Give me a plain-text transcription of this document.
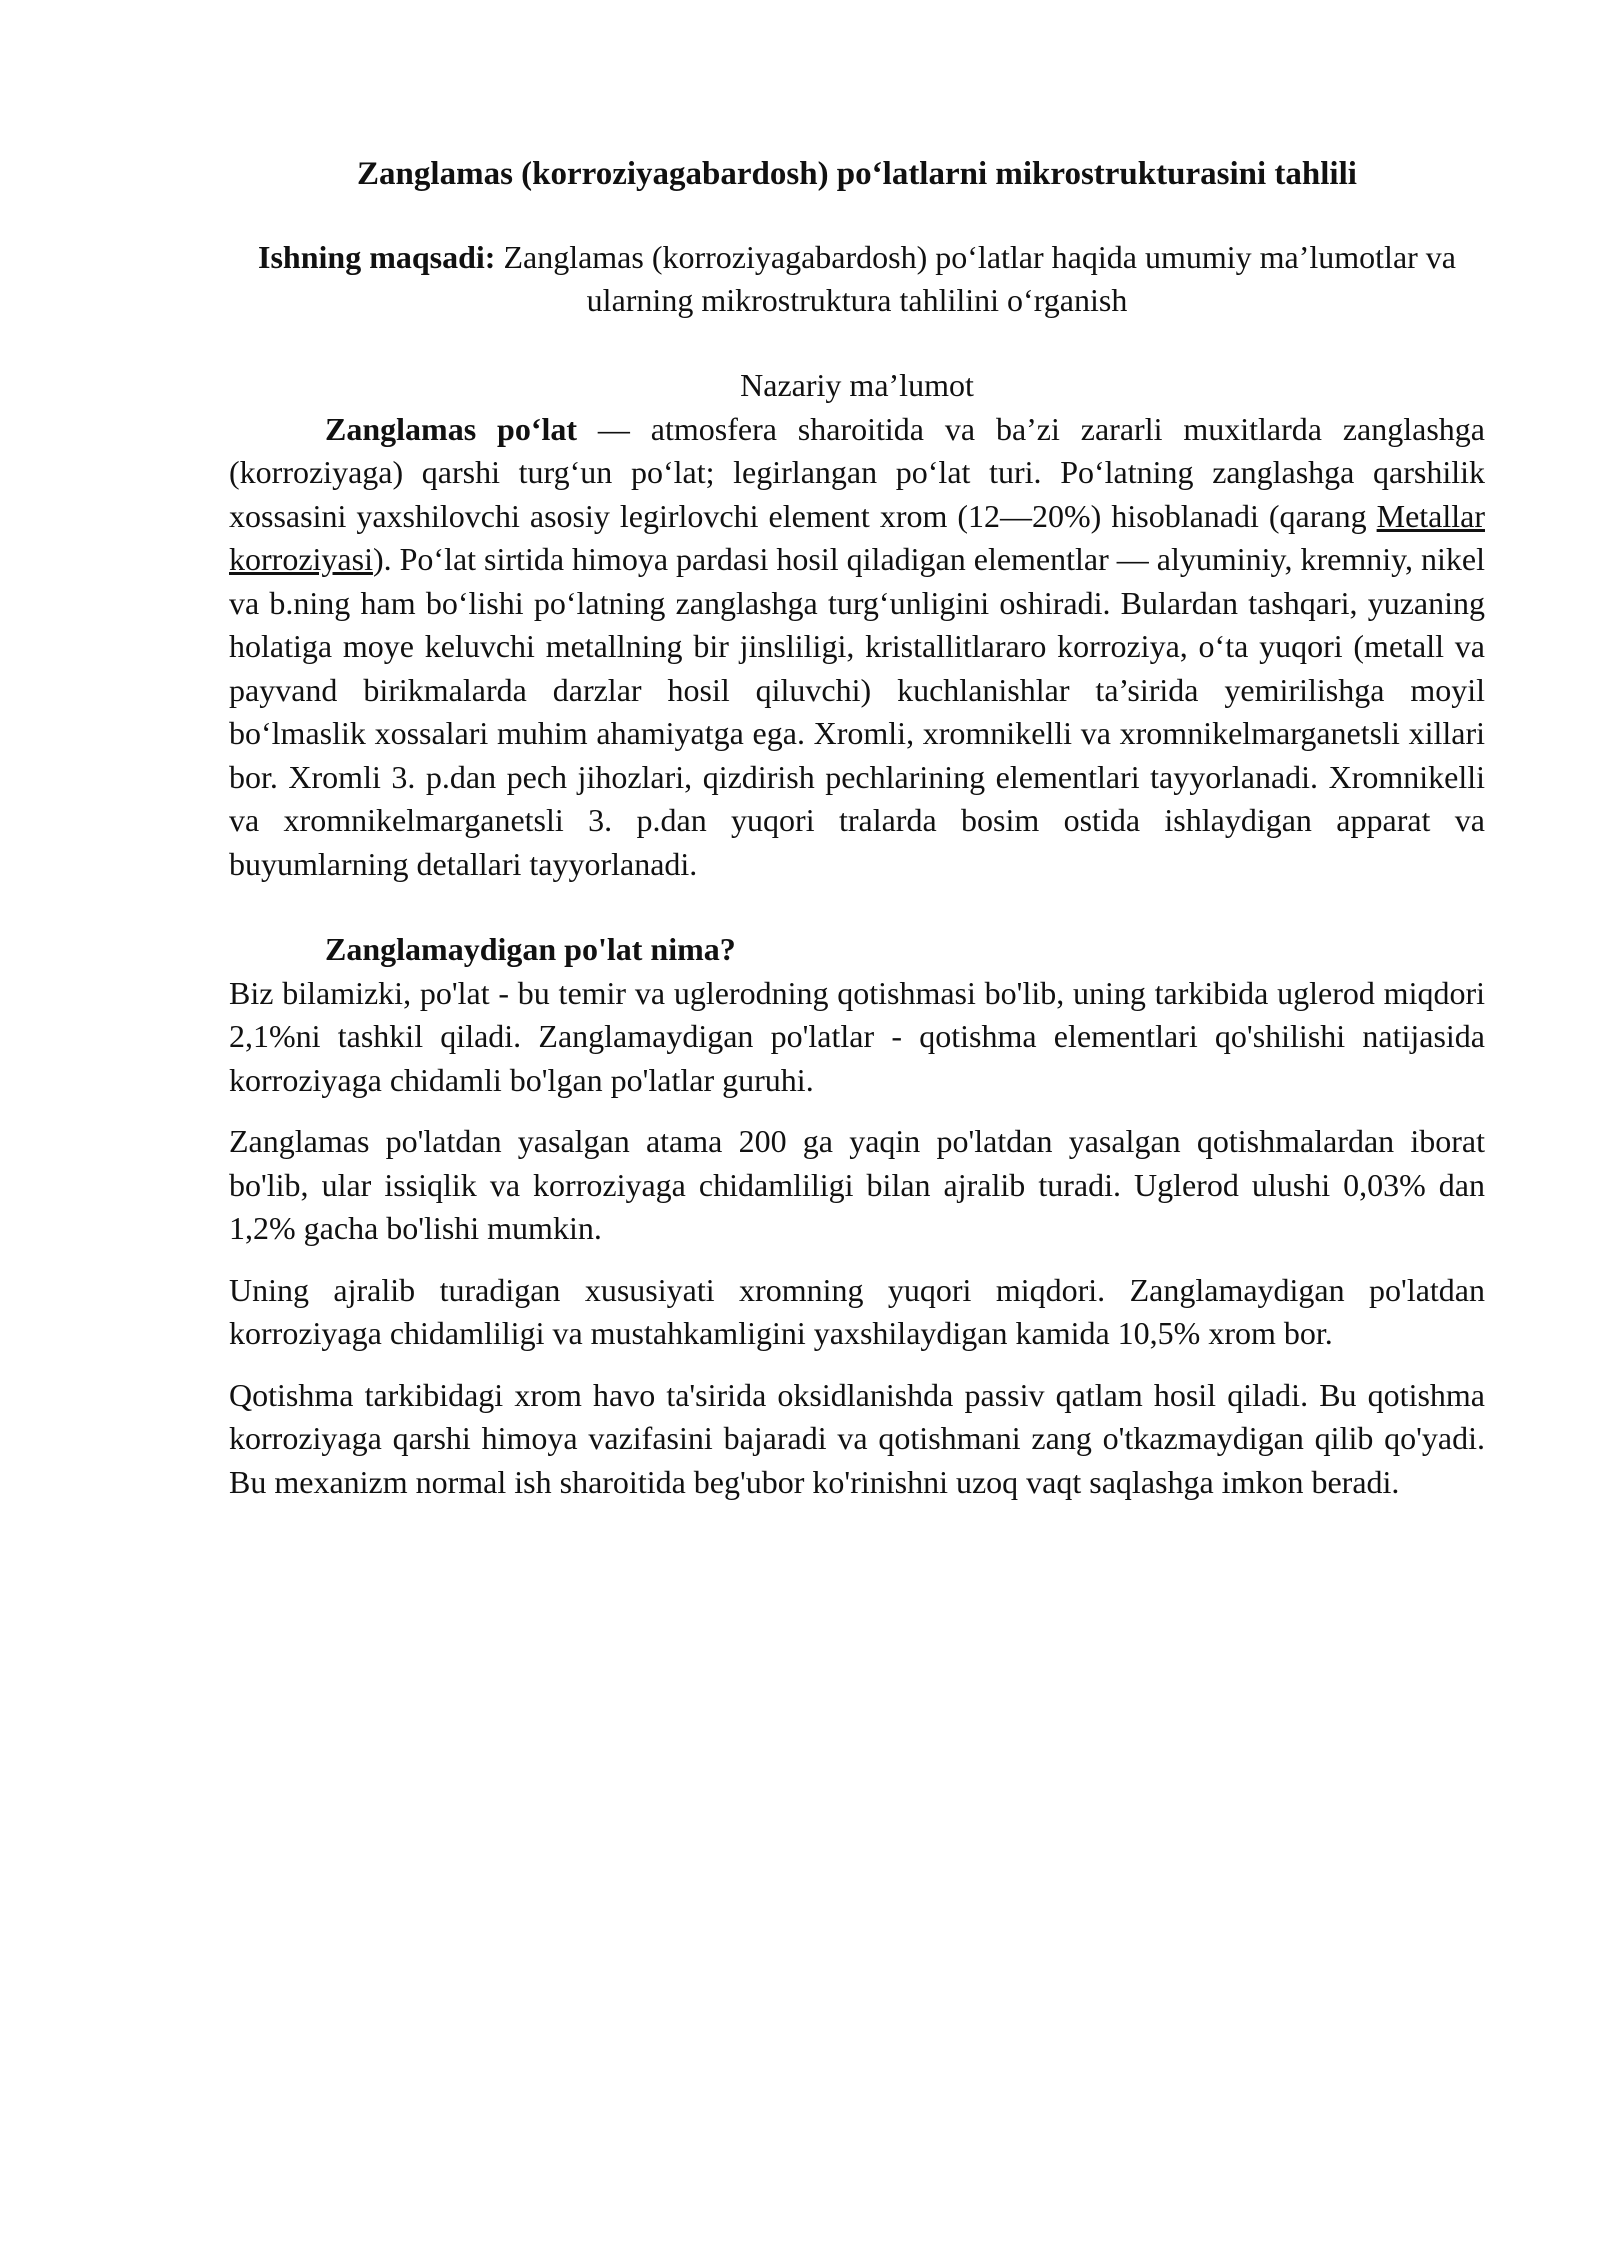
Zanglamas (korroziyagabardosh) po‘latlarni mikrostrukturasini tahlili

Ishning maqsadi: Zanglamas (korroziyagabardosh) po‘latlar haqida umumiy ma’lumotlar va ularning mikrostruktura tahlilini o‘rganish

Nazariy ma’lumot

Zanglamas po‘lat — atmosfera sharoitida va ba’zi zararli muxitlarda zanglashga (korroziyaga) qarshi turg‘un po‘lat; legirlangan po‘lat turi. Po‘latning zanglashga qarshilik xossasini yaxshilovchi asosiy legirlovchi element xrom (12—20%) hisoblanadi (qarang Metallar korroziyasi). Po‘lat sirtida himoya pardasi hosil qiladigan elementlar — alyuminiy, kremniy, nikel va b.ning ham bo‘lishi po‘latning zanglashga turg‘unligini oshiradi. Bulardan tashqari, yuzaning holatiga moye keluvchi metallning bir jinsliligi, kristallitlararo korroziya, o‘ta yuqori (metall va payvand birikmalarda darzlar hosil qiluvchi) kuchlanishlar ta’sirida yemirilishga moyil bo‘lmaslik xossalari muhim ahamiyatga ega. Xromli, xromnikelli va xromnikelmarganetsli xillari bor. Xromli 3. p.dan pech jihozlari, qizdirish pechlarining elementlari tayyorlanadi. Xromnikelli va xromnikelmarganetsli 3. p.dan yuqori tralarda bosim ostida ishlaydigan apparat va buyumlarning detallari tayyorlanadi.

Zanglamaydigan po'lat nima?

Biz bilamizki, po'lat - bu temir va uglerodning qotishmasi bo'lib, uning tarkibida uglerod miqdori 2,1%ni tashkil qiladi. Zanglamaydigan po'latlar - qotishma elementlari qo'shilishi natijasida korroziyaga chidamli bo'lgan po'latlar guruhi.

Zanglamas po'latdan yasalgan atama 200 ga yaqin po'latdan yasalgan qotishmalardan iborat bo'lib, ular issiqlik va korroziyaga chidamliligi bilan ajralib turadi. Uglerod ulushi 0,03% dan 1,2% gacha bo'lishi mumkin.

Uning ajralib turadigan xususiyati xromning yuqori miqdori. Zanglamaydigan po'latdan korroziyaga chidamliligi va mustahkamligini yaxshilaydigan kamida 10,5% xrom bor.

Qotishma tarkibidagi xrom havo ta'sirida oksidlanishda passiv qatlam hosil qiladi. Bu qotishma korroziyaga qarshi himoya vazifasini bajaradi va qotishmani zang o'tkazmaydigan qilib qo'yadi. Bu mexanizm normal ish sharoitida beg'ubor ko'rinishni uzoq vaqt saqlashga imkon beradi.
